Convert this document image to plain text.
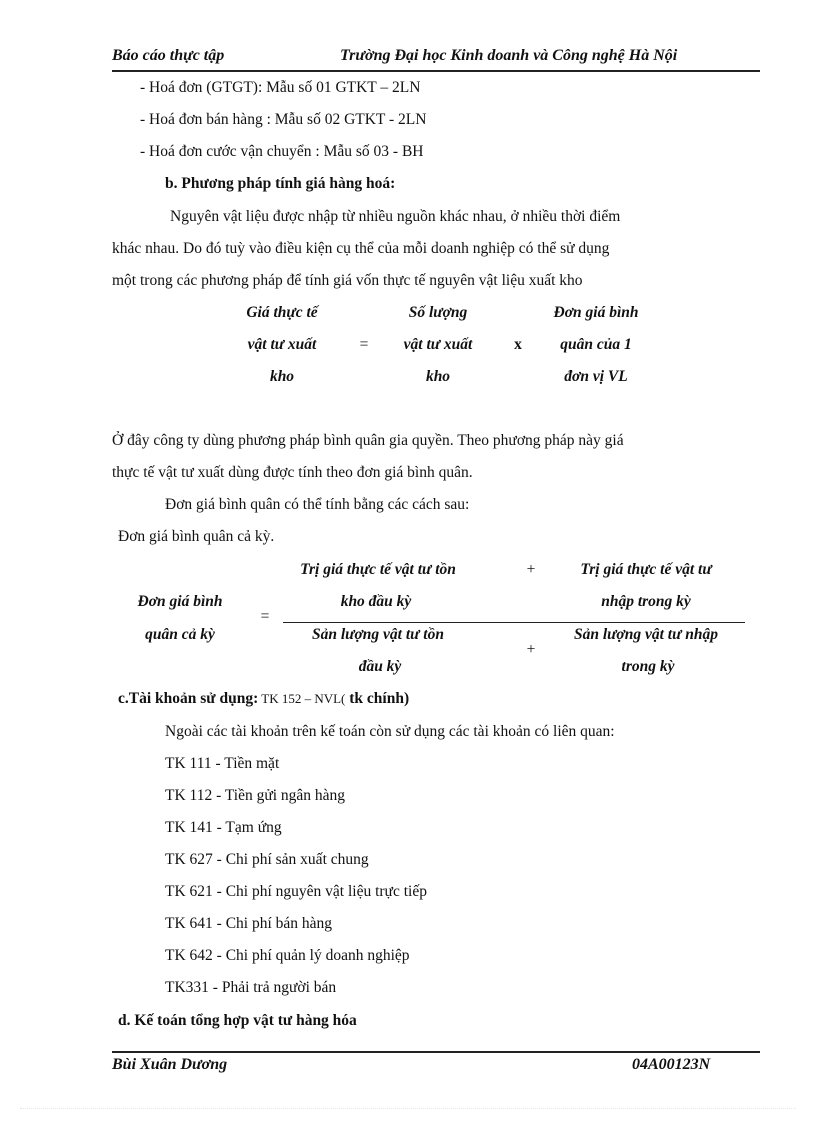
Báo cáo thực tập	Trường Đại học Kinh doanh và Công nghệ Hà Nội
- Hoá đơn (GTGT): Mẫu số 01 GTKT – 2LN
- Hoá đơn bán hàng : Mẫu số 02 GTKT - 2LN
- Hoá đơn cước vận chuyển : Mẫu số 03 - BH
b. Phương pháp tính giá hàng hoá:
Nguyên vật liệu được nhập từ nhiều nguồn khác nhau, ở nhiều thời điểm
khác nhau. Do đó tuỳ vào điều kiện cụ thể của mỗi doanh nghiệp có thể sử dụng
một trong các phương pháp để tính giá vốn thực tế nguyên vật liệu xuất kho
Giá thực tế
vật tư xuất
kho
=
Số lượng
vật tư xuất
kho
x
Đơn giá bình
quân của 1
đơn vị VL
Ở đây công ty dùng phương pháp bình quân gia quyền. Theo phương pháp này giá
thực tế vật tư xuất dùng được tính theo đơn giá bình quân.
Đơn giá bình quân có thể tính bằng các cách sau:
Đơn giá bình quân cả kỳ.
Trị giá thực tế vật tư tồn	+	Trị giá thực tế vật tư
Đơn giá bình	kho đầu kỳ	nhập trong kỳ
=
quân cả kỳ	Sản lượng vật tư tồn	Sản lượng vật tư nhập
+
đầu kỳ	trong kỳ
c.Tài khoản sử dụng: TK 152 – NVL( tk chính)
Ngoài các tài khoản trên kế toán còn sử dụng các tài khoản có liên quan:
TK 111 - Tiền mặt
TK 112 - Tiền gửi ngân hàng
TK 141 - Tạm ứng
TK 627 - Chi phí sản xuất chung
TK 621 - Chi phí nguyên vật liệu trực tiếp
TK 641 - Chi phí bán hàng
TK 642 - Chi phí quản lý doanh nghiệp
TK331 - Phải trả người bán
d. Kế toán tổng hợp vật tư hàng hóa
Bùi Xuân Dương	04A00123N
